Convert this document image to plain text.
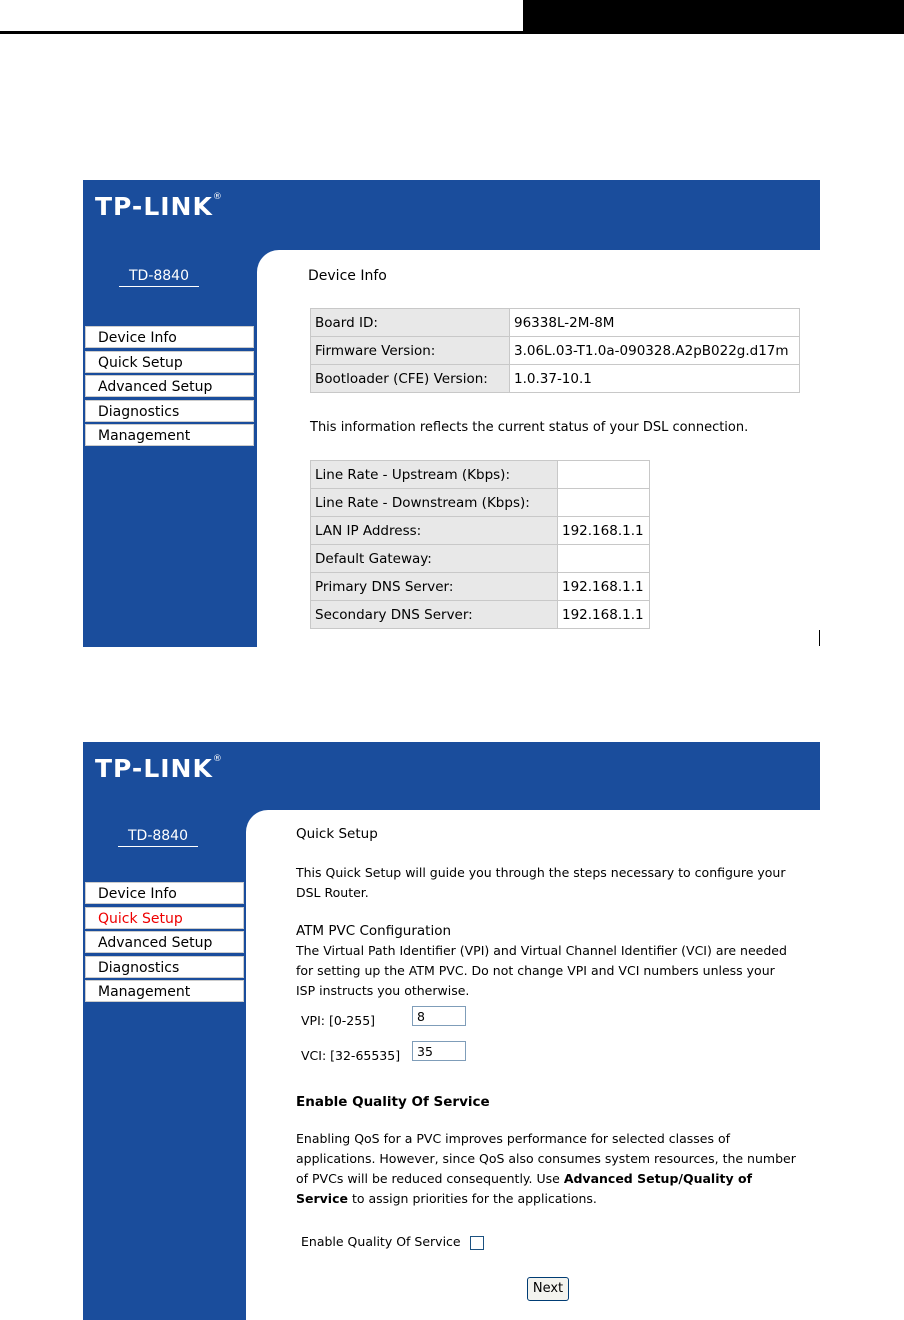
TP-LINK®
TD-8840
Device Info
Quick Setup
Advanced Setup
Diagnostics
Management
Device Info
Board ID:	96338L-2M-8M
Firmware Version:	3.06L.03-T1.0a-090328.A2pB022g.d17m
Bootloader (CFE) Version:	1.0.37-10.1
This information reflects the current status of your DSL connection.
Line Rate - Upstream (Kbps):	
Line Rate - Downstream (Kbps):	
LAN IP Address:	192.168.1.1
Default Gateway:	
Primary DNS Server:	192.168.1.1
Secondary DNS Server:	192.168.1.1
TP-LINK®
TD-8840
Device Info
Quick Setup
Advanced Setup
Diagnostics
Management
Quick Setup
This Quick Setup will guide you through the steps necessary to configure your
DSL Router.
ATM PVC Configuration
The Virtual Path Identifier (VPI) and Virtual Channel Identifier (VCI) are needed
for setting up the ATM PVC. Do not change VPI and VCI numbers unless your
ISP instructs you otherwise.
VPI: [0-255]
8
VCI: [32-65535]
35
Enable Quality Of Service
Enabling QoS for a PVC improves performance for selected classes of
applications. However, since QoS also consumes system resources, the number
of PVCs will be reduced consequently. Use Advanced Setup/Quality of
Service to assign priorities for the applications.
Enable Quality Of Service
Next
